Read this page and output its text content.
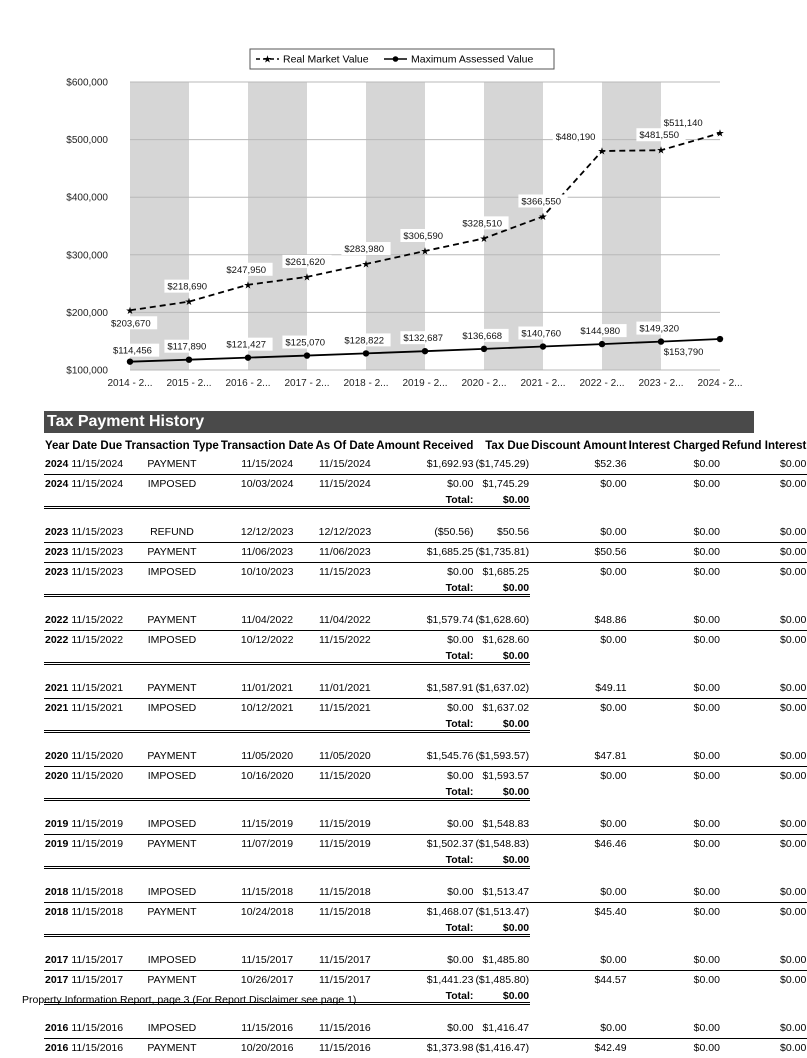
$100,000
$200,000
$300,000
$400,000
$500,000
$600,000
2014 - 2... 2015 - 2... 2016 - 2... 2017 - 2... 2018 - 2... 2019 - 2... 2020 - 2... 2021 - 2... 2022 - 2... 2023 - 2... 2024 - 2...
★
★
★
★
★
★
★
★
★	★
★
$203,670
$218,690
$247,950
$261,620
$283,980
$306,590
$328,510
$366,550
$480,190	$481,550
$511,140
$114,456 $117,890 $121,427 $125,070 $128,822 $132,687 $136,668 $140,760 $144,980 $149,320
$153,790
★ Real Market Value	Maximum Assessed Value
Tax Payment History
Year	Date Due	Transaction Type	Transaction Date	As Of Date	Amount Received	Tax Due	Discount Amount	Interest Charged	Refund Interest
2024	11/15/2024	PAYMENT	11/15/2024	11/15/2024	$1,692.93	($1,745.29)	$52.36	$0.00	$0.00
2024	11/15/2024	IMPOSED	10/03/2024	11/15/2024	$0.00	$1,745.29	$0.00	$0.00	$0.00
					Total:	$0.00			

2023	11/15/2023	REFUND	12/12/2023	12/12/2023	($50.56)	$50.56	$0.00	$0.00	$0.00
2023	11/15/2023	PAYMENT	11/06/2023	11/06/2023	$1,685.25	($1,735.81)	$50.56	$0.00	$0.00
2023	11/15/2023	IMPOSED	10/10/2023	11/15/2023	$0.00	$1,685.25	$0.00	$0.00	$0.00
					Total:	$0.00			

2022	11/15/2022	PAYMENT	11/04/2022	11/04/2022	$1,579.74	($1,628.60)	$48.86	$0.00	$0.00
2022	11/15/2022	IMPOSED	10/12/2022	11/15/2022	$0.00	$1,628.60	$0.00	$0.00	$0.00
					Total:	$0.00			

2021	11/15/2021	PAYMENT	11/01/2021	11/01/2021	$1,587.91	($1,637.02)	$49.11	$0.00	$0.00
2021	11/15/2021	IMPOSED	10/12/2021	11/15/2021	$0.00	$1,637.02	$0.00	$0.00	$0.00
					Total:	$0.00			

2020	11/15/2020	PAYMENT	11/05/2020	11/05/2020	$1,545.76	($1,593.57)	$47.81	$0.00	$0.00
2020	11/15/2020	IMPOSED	10/16/2020	11/15/2020	$0.00	$1,593.57	$0.00	$0.00	$0.00
					Total:	$0.00			

2019	11/15/2019	IMPOSED	11/15/2019	11/15/2019	$0.00	$1,548.83	$0.00	$0.00	$0.00
2019	11/15/2019	PAYMENT	11/07/2019	11/15/2019	$1,502.37	($1,548.83)	$46.46	$0.00	$0.00
					Total:	$0.00			

2018	11/15/2018	IMPOSED	11/15/2018	11/15/2018	$0.00	$1,513.47	$0.00	$0.00	$0.00
2018	11/15/2018	PAYMENT	10/24/2018	11/15/2018	$1,468.07	($1,513.47)	$45.40	$0.00	$0.00
					Total:	$0.00			

2017	11/15/2017	IMPOSED	11/15/2017	11/15/2017	$0.00	$1,485.80	$0.00	$0.00	$0.00
2017	11/15/2017	PAYMENT	10/26/2017	11/15/2017	$1,441.23	($1,485.80)	$44.57	$0.00	$0.00
					Total:	$0.00			

2016	11/15/2016	IMPOSED	11/15/2016	11/15/2016	$0.00	$1,416.47	$0.00	$0.00	$0.00
2016	11/15/2016	PAYMENT	10/20/2016	11/15/2016	$1,373.98	($1,416.47)	$42.49	$0.00	$0.00
Property Information Report, page 3 (For Report Disclaimer see page 1)
